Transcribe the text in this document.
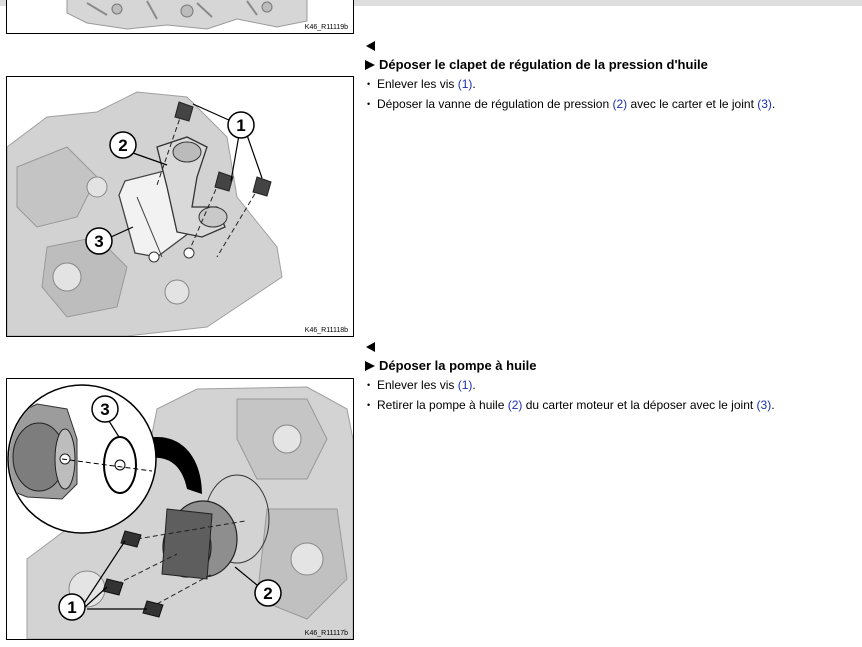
K46_R11119b
1
2
3
K46_R11118b
3
1
2
K46_R11117b
Déposer le clapet de régulation de la pression d'huile
• Enlever les vis (1).
• Déposer la vanne de régulation de pression (2) avec le carter et le joint (3).
Déposer la pompe à huile
• Enlever les vis (1).
• Retirer la pompe à huile (2) du carter moteur et la déposer avec le joint (3).
